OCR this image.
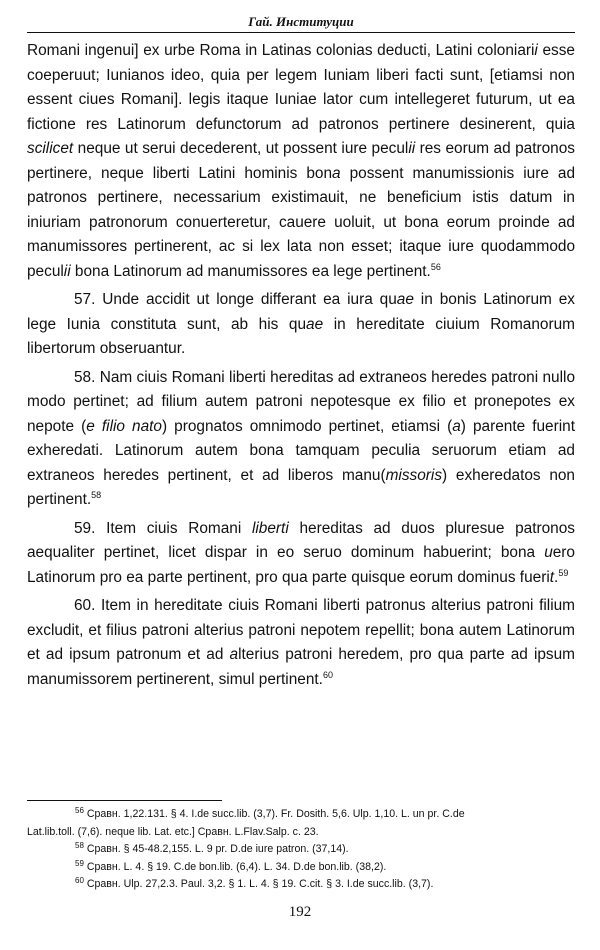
Гай. Институции

Romani ingenui] ex urbe Roma in Latinas colonias deducti, Latini coloniarii esse coeperuut; Iunianos ideo, quia per legem Iuniam liberi facti sunt, [etiamsi non essent ciues Romani]. legis itaque Iuniae lator cum intellegeret futurum, ut ea fictione res Latinorum defunctorum ad patronos pertinere desinerent, quia scilicet neque ut serui decederent, ut possent iure peculii res eorum ad patronos pertinere, neque liberti Latini hominis bona possent manumissionis iure ad patronos pertinere, necessarium existimauit, ne beneficium istis datum in iniuriam patronorum conuerteretur, cauere uoluit, ut bona eorum proinde ad manumissores pertinerent, ac si lex lata non esset; itaque iure quodammodo peculii bona Latinorum ad manumissores ea lege pertinent.$^{56}$

57. Unde accidit ut longe differant ea iura quae in bonis Latinorum ex lege Iunia constituta sunt, ab his quae in hereditate ciuium Romanorum libertorum obseruantur.

58. Nam ciuis Romani liberti hereditas ad extraneos heredes patroni nullo modo pertinet; ad filium autem patroni nepotesque ex filio et pronepotes ex nepote (e filio nato) prognatos omnimodo pertinet, etiamsi (a) parente fuerint exheredati. Latinorum autem bona tamquam peculia seruorum etiam ad extraneos heredes pertinent, et ad liberos manu(missoris) exheredatos non pertinent.$^{58}$

59. Item ciuis Romani liberti hereditas ad duos pluresue patronos aequaliter pertinet, licet dispar in eo seruo dominum habuerint; bona uero Latinorum pro ea parte pertinent, pro qua parte quisque eorum dominus fuerit.$^{59}$

60. Item in hereditate ciuis Romani liberti patronus alterius patroni filium excludit, et filius patroni alterius patroni nepotem repellit; bona autem Latinorum et ad ipsum patronum et ad alterius patroni heredem, pro qua parte ad ipsum manumissorem pertinerent, simul pertinent.$^{60}$

$^{56}$ Сравн. 1,22.131. § 4. I.de succ.lib. (3,7). Fr. Dosith. 5,6. Ulp. 1,10. L. un pr. C.de

Lat.lib.toll. (7,6). neque lib. Lat. etc.] Сравн. L.Flav.Salp. c. 23.

$^{58}$ Сравн. § 45-48.2,155. L. 9 pr. D.de iure patron. (37,14).

$^{59}$ Сравн. L. 4. § 19. C.de bon.lib. (6,4). L. 34. D.de bon.lib. (38,2).

$^{60}$ Сравн. Ulp. 27,2.3. Paul. 3,2. § 1. L. 4. § 19. C.cit. § 3. I.de succ.lib. (3,7).

192
